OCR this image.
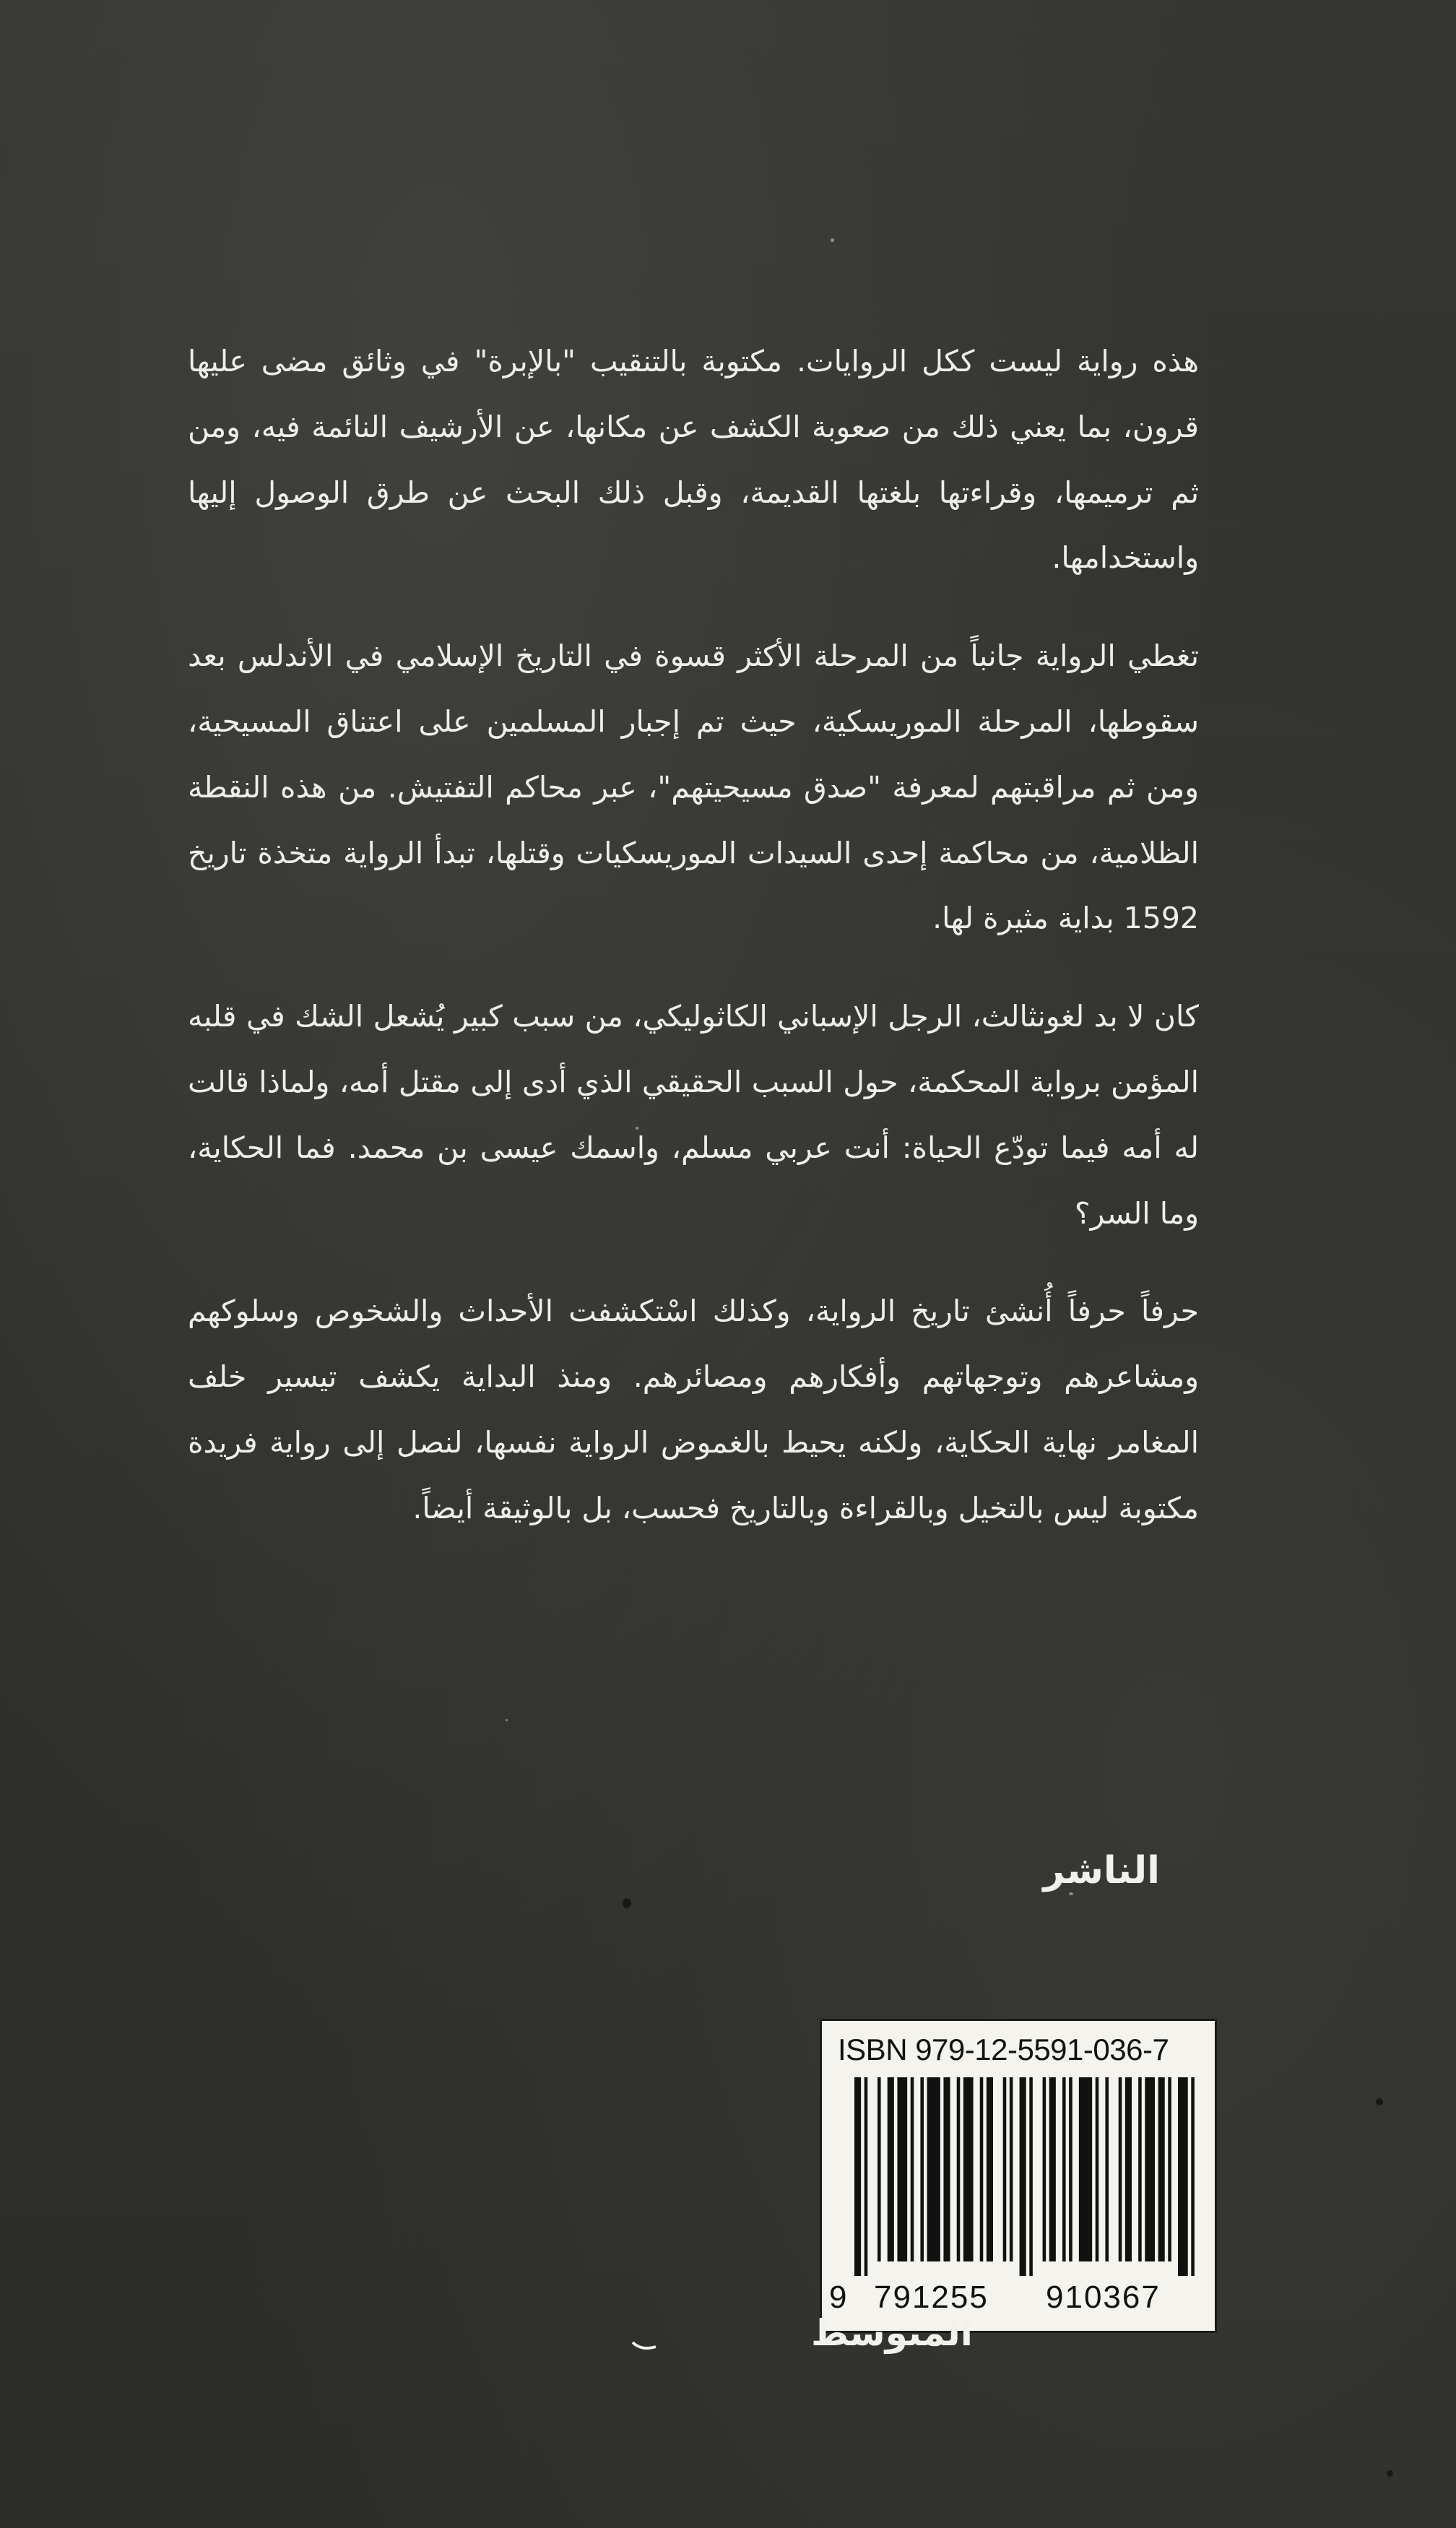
هذه رواية ليست ككل الروايات. مكتوبة بالتنقيب "بالإبرة" في وثائق مضى عليها قرون، بما يعني ذلك من صعوبة الكشف عن مكانها، عن الأرشيف النائمة فيه، ومن ثم ترميمها، وقراءتها بلغتها القديمة، وقبل ذلك البحث عن طرق الوصول إليها واستخدامها.

تغطي الرواية جانباً من المرحلة الأكثر قسوة في التاريخ الإسلامي في الأندلس بعد سقوطها، المرحلة الموريسكية، حيث تم إجبار المسلمين على اعتناق المسيحية، ومن ثم مراقبتهم لمعرفة "صدق مسيحيتهم"، عبر محاكم التفتيش. من هذه النقطة الظلامية، من محاكمة إحدى السيدات الموريسكيات وقتلها، تبدأ الرواية متخذة تاريخ 1592 بداية مثيرة لها.

كان لا بد لغونثالث، الرجل الإسباني الكاثوليكي، من سبب كبير يُشعل الشك في قلبه المؤمن برواية المحكمة، حول السبب الحقيقي الذي أدى إلى مقتل أمه، ولماذا قالت له أمه فيما تودّع الحياة: أنت عربي مسلم، واسمك عيسى بن محمد. فما الحكاية، وما السر؟

حرفاً حرفاً أُنشئ تاريخ الرواية، وكذلك اسْتكشفت الأحداث والشخوص وسلوكهم ومشاعرهم وتوجهاتهم وأفكارهم ومصائرهم. ومنذ البداية يكشف تيسير خلف المغامر نهاية الحكاية، ولكنه يحيط بالغموض الرواية نفسها، لنصل إلى رواية فريدة مكتوبة ليس بالتخيل وبالقراءة وبالتاريخ فحسب، بل بالوثيقة أيضاً.

الناشر
ISBN 979-12-5591-036-7
9 791255 910367
المتوسط
